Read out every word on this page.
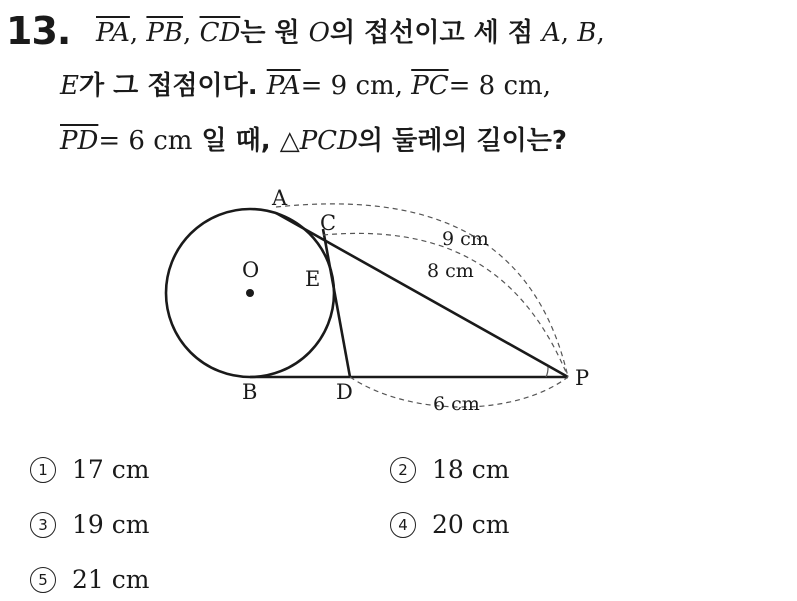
13. $\overline{PA}$, $\overline{PB}$, $\overline{CD}$는 원 O의 접선이고 세 점 A, B,
E가 그 접점이다. $\overline{PA}= 9$ cm, $\overline{PC}= 8$ cm,
$\overline{PD}= 6$ cm 일 때, △PCD의 둘레의 길이는?
A
C
O E
B	D
P
9 cm
8 cm
6 cm
1 17 cm	2 18 cm
3 19 cm	4 20 cm
5 21 cm
